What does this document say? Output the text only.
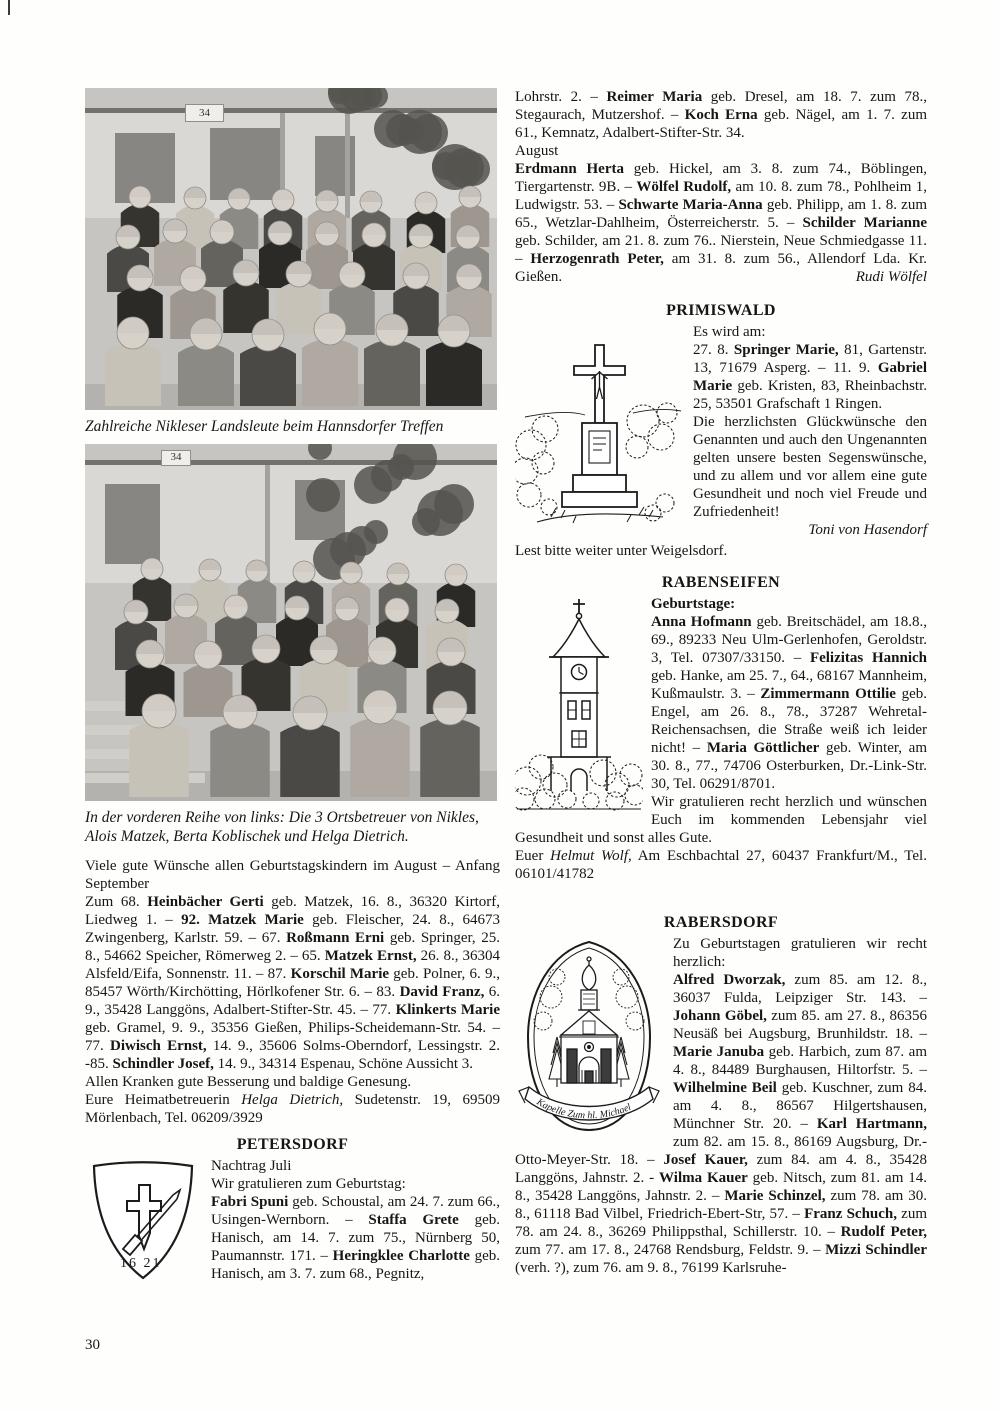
34

Zahlreiche Nikleser Landsleute beim Hannsdorfer Treffen

34

In der vorderen Reihe von links: Die 3 Ortsbetreuer von Nikles, Alois Matzek, Berta Koblischek und Helga Dietrich.

Viele gute Wünsche allen Geburtstagskindern im August – Anfang September

Zum 68. Heinbächer Gerti geb. Matzek, 16. 8., 36320 Kirtorf, Liedweg 1. – 92. Matzek Marie geb. Fleischer, 24. 8., 64673 Zwingenberg, Karlstr. 59. – 67. Roßmann Erni geb. Springer, 25. 8., 54662 Speicher, Römerweg 2. – 65. Matzek Ernst, 26. 8., 36304 Alsfeld/Eifa, Sonnenstr. 11. – 87. Korschil Marie geb. Polner, 6. 9., 85457 Wörth/Kirchötting, Hörlkofener Str. 6. – 83. David Franz, 6. 9., 35428 Langgöns, Adalbert-Stifter-Str. 45. – 77. Klinkerts Marie geb. Gramel, 9. 9., 35356 Gießen, Philips-Scheidemann-Str. 54. – 77. Diwisch Ernst, 14. 9., 35606 Solms-Oberndorf, Lessingstr. 2. -85. Schindler Josef, 14. 9., 34314 Espenau, Schöne Aussicht 3.

Allen Kranken gute Besserung und baldige Genesung.

Eure Heimatbetreuerin Helga Dietrich, Sudetenstr. 19, 69509 Mörlenbach, Tel. 06209/3929

PETERSDORF
16 21

Nachtrag Juli

Wir gratulieren zum Geburtstag:

Fabri Spuni geb. Schoustal, am 24. 7. zum 66., Usingen-Wernborn. – Staffa Grete geb. Hanisch, am 14. 7. zum 75., Nürnberg 50, Paumannstr. 171. – Heringklee Charlotte geb. Hanisch, am 3. 7. zum 68., Pegnitz,

Lohrstr. 2. – Reimer Maria geb. Dresel, am 18. 7. zum 78., Stegaurach, Mutzershof. – Koch Erna geb. Nägel, am 1. 7. zum 61., Kemnatz, Adalbert-Stifter-Str. 34.

August

Erdmann Herta geb. Hickel, am 3. 8. zum 74., Böblingen, Tiergartenstr. 9B. – Wölfel Rudolf, am 10. 8. zum 78., Pohlheim 1, Ludwigstr. 53. – Schwarte Maria-Anna geb. Philipp, am 1. 8. zum 65., Wetzlar-Dahlheim, Österreicherstr. 5. – Schilder Marianne geb. Schilder, am 21. 8. zum 76.. Nierstein, Neue Schmiedgasse 11. – Herzogenrath Peter, am 31. 8. zum 56., Allendorf Lda. Kr. Gießen.	Rudi Wölfel
PRIMISWALD

Es wird am:

27. 8. Springer Marie, 81, Gartenstr. 13, 71679 Asperg. – 11. 9. Gabriel Marie geb. Kristen, 83, Rheinbachstr. 25, 53501 Grafschaft 1 Ringen.

Die herzlichsten Glückwünsche den Genannten und auch den Ungenannten gelten unsere besten Segenswünsche, und zu allem und vor allem eine gute Gesundheit und noch viel Freude und Zufriedenheit!

Toni von Hasendorf

Lest bitte weiter unter Weigelsdorf.

RABENSEIFEN

Geburtstage:

Anna Hofmann geb. Breitschädel, am 18.8., 69., 89233 Neu Ulm-Gerlenhofen, Geroldstr. 3, Tel. 07307/33150. – Felizitas Hannich geb. Hanke, am 25. 7., 64., 68167 Mannheim, Kußmaulstr. 3. – Zimmermann Ottilie geb. Engel, am 26. 8., 78., 37287 Wehretal-Reichensachsen, die Straße weiß ich leider nicht! – Maria Göttlicher geb. Winter, am 30. 8., 77., 74706 Osterburken, Dr.-Link-Str. 30, Tel. 06291/8701.

Wir gratulieren recht herzlich und wünschen Euch im kommenden Lebensjahr viel Gesundheit und sonst alles Gute.

Euer Helmut Wolf, Am Eschbachtal 27, 60437 Frankfurt/M., Tel. 06101/41782

RABERSDORF
Kapelle Zum hl. Michael

Zu Geburtstagen gratulieren wir recht herzlich:

Alfred Dworzak, zum 85. am 12. 8., 36037 Fulda, Leipziger Str. 143. – Johann Göbel, zum 85. am 27. 8., 86356 Neusäß bei Augsburg, Brunhildstr. 18. – Marie Januba geb. Harbich, zum 87. am 4. 8., 84489 Burghausen, Hiltorfstr. 5. – Wilhelmine Beil geb. Kuschner, zum 84. am 4. 8., 86567 Hilgertshausen, Münchner Str. 20. – Karl Hartmann, zum 82. am 15. 8., 86169 Augsburg, Dr.-Otto-Meyer-Str. 18. – Josef Kauer, zum 84. am 4. 8., 35428 Langgöns, Jahnstr. 2. - Wilma Kauer geb. Nitsch, zum 81. am 14. 8., 35428 Langgöns, Jahnstr. 2. – Marie Schinzel, zum 78. am 30. 8., 61118 Bad Vilbel, Friedrich-Ebert-Str, 57. – Franz Schuch, zum 78. am 24. 8., 36269 Philippsthal, Schillerstr. 10. – Rudolf Peter, zum 77. am 17. 8., 24768 Rendsburg, Feldstr. 9. – Mizzi Schindler (verh. ?), zum 76. am 9. 8., 76199 Karlsruhe-

30
